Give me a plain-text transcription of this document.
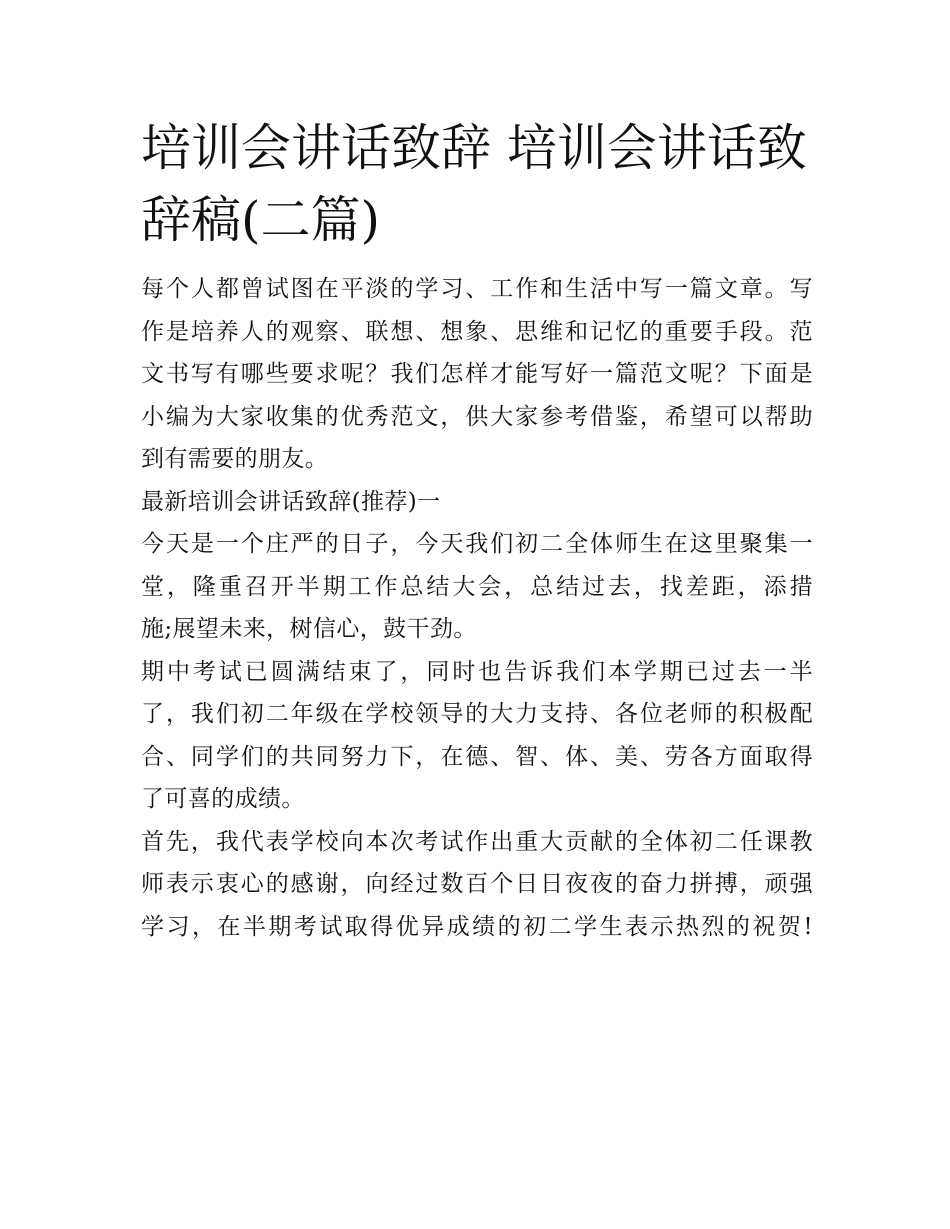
培训会讲话致辞 培训会讲话致
辞稿(二篇)
每个人都曾试图在平淡的学习、工作和生活中写一篇文章。写
作是培养人的观察、联想、想象、思维和记忆的重要手段。范
文书写有哪些要求呢？我们怎样才能写好一篇范文呢？下面是
小编为大家收集的优秀范文，供大家参考借鉴，希望可以帮助
到有需要的朋友。
最新培训会讲话致辞(推荐)一
今天是一个庄严的日子，今天我们初二全体师生在这里聚集一
堂，隆重召开半期工作总结大会，总结过去，找差距，添措
施;展望未来，树信心，鼓干劲。
期中考试已圆满结束了，同时也告诉我们本学期已过去一半
了，我们初二年级在学校领导的大力支持、各位老师的积极配
合、同学们的共同努力下，在德、智、体、美、劳各方面取得
了可喜的成绩。
首先，我代表学校向本次考试作出重大贡献的全体初二任课教
师表示衷心的感谢，向经过数百个日日夜夜的奋力拼搏，顽强
学习，在半期考试取得优异成绩的初二学生表示热烈的祝贺!
